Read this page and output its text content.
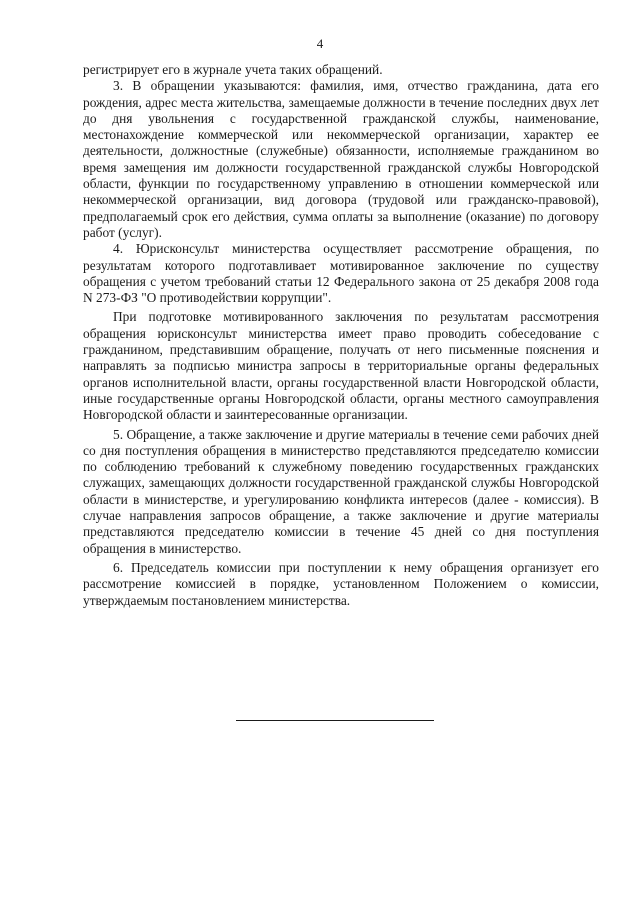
4

регистрирует его в журнале учета таких обращений.

3. В обращении указываются: фамилия, имя, отчество гражданина, дата его рождения, адрес места жительства, замещаемые должности в течение последних двух лет до дня увольнения с государственной гражданской службы, наименование, местонахождение коммерческой или некоммерческой организации, характер ее деятельности, должностные (служебные) обязанности, исполняемые гражданином во время замещения им должности государственной гражданской службы Новгородской области, функции по государственному управлению в отношении коммерческой или некоммерческой организации, вид договора (трудовой или гражданско-правовой), предполагаемый срок его действия, сумма оплаты за выполнение (оказание) по договору работ (услуг).

4. Юрисконсульт министерства осуществляет рассмотрение обращения, по результатам которого подготавливает мотивированное заключение по существу обращения с учетом требований статьи 12 Федерального закона от 25 декабря 2008 года N 273-ФЗ "О противодействии коррупции".

При подготовке мотивированного заключения по результатам рассмотрения обращения юрисконсульт министерства имеет право проводить собеседование с гражданином, представившим обращение, получать от него письменные пояснения и направлять за подписью министра запросы в территориальные органы федеральных органов исполнительной власти, органы государственной власти Новгородской области, иные государственные органы Новгородской области, органы местного самоуправления Новгородской области и заинтересованные организации.

5. Обращение, а также заключение и другие материалы в течение семи рабочих дней со дня поступления обращения в министерство представляются председателю комиссии по соблюдению требований к служебному поведению государственных гражданских служащих, замещающих должности государственной гражданской службы Новгородской области в министерстве, и урегулированию конфликта интересов (далее - комиссия). В случае направления запросов обращение, а также заключение и другие материалы представляются председателю комиссии в течение 45 дней со дня поступления обращения в министерство.

6. Председатель комиссии при поступлении к нему обращения организует его рассмотрение комиссией в порядке, установленном Положением о комиссии, утверждаемым постановлением министерства.
